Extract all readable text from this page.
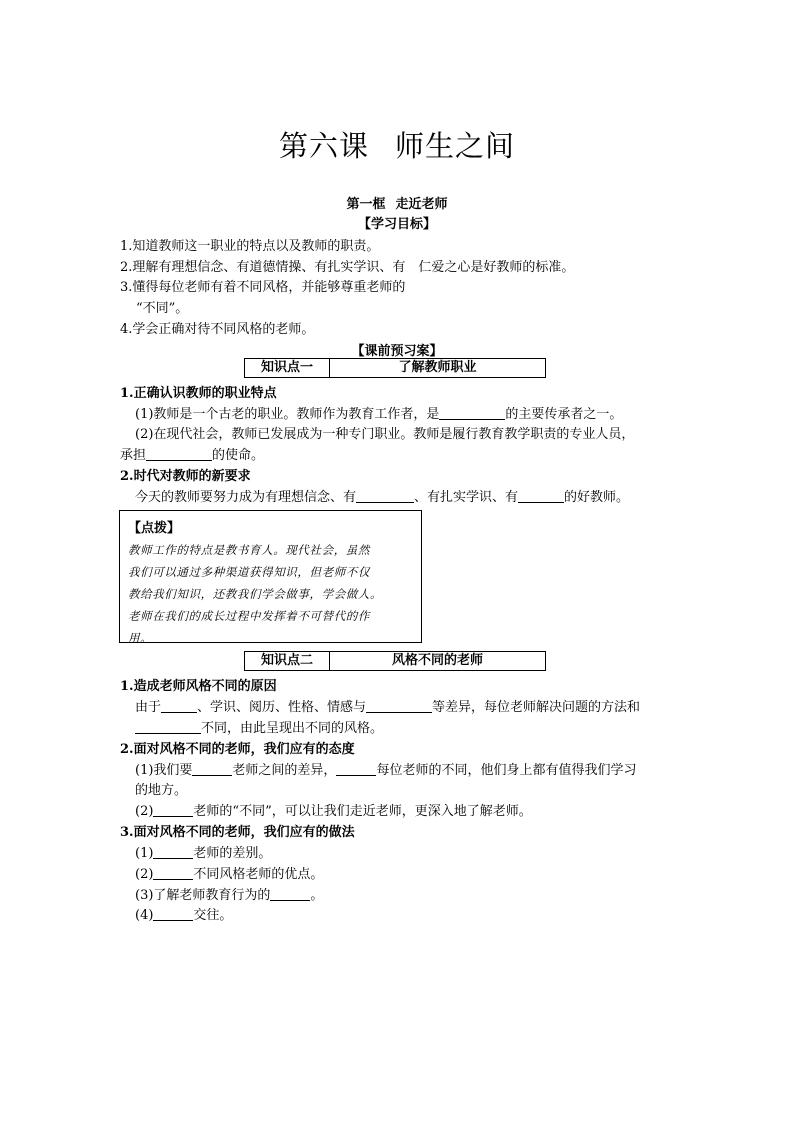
第六课 师生之间
第一框 走近老师
【学习目标】
1.知道教师这一职业的特点以及教师的职责。
2.理解有理想信念、有道德情操、有扎实学识、有　仁爱之心是好教师的标准。
3.懂得每位老师有着不同风格，并能够尊重老师的
“不同”。
4.学会正确对待不同风格的老师。
【课前预习案】
知识点一	了解教师职业
1.正确认识教师的职业特点
(1)教师是一个古老的职业。教师作为教育工作者，是	的主要传承者之一。
(2)在现代社会，教师已发展成为一种专门职业。教师是履行教育教学职责的专业人员，
承担	的使命。
2.时代对教师的新要求
今天的教师要努力成为有理想信念、有	、有扎实学识、有	的好教师。
【点拨】
教师工作的特点是教书育人。现代社会，虽然
我们可以通过多种渠道获得知识，但老师不仅
教给我们知识，还教我们学会做事，学会做人。
老师在我们的成长过程中发挥着不可替代的作
用。
知识点二	风格不同的老师
1.造成老师风格不同的原因
由于	、学识、阅历、性格、情感与	等差异，每位老师解决问题的方法和
不同，由此呈现出不同的风格。
2.面对风格不同的老师，我们应有的态度
(1)我们要	老师之间的差异，	每位老师的不同，他们身上都有值得我们学习
的地方。
(2)	老师的“不同”，可以让我们走近老师，更深入地了解老师。
3.面对风格不同的老师，我们应有的做法
(1)	老师的差别。
(2)	不同风格老师的优点。
(3)了解老师教育行为的	。
(4)	交往。
